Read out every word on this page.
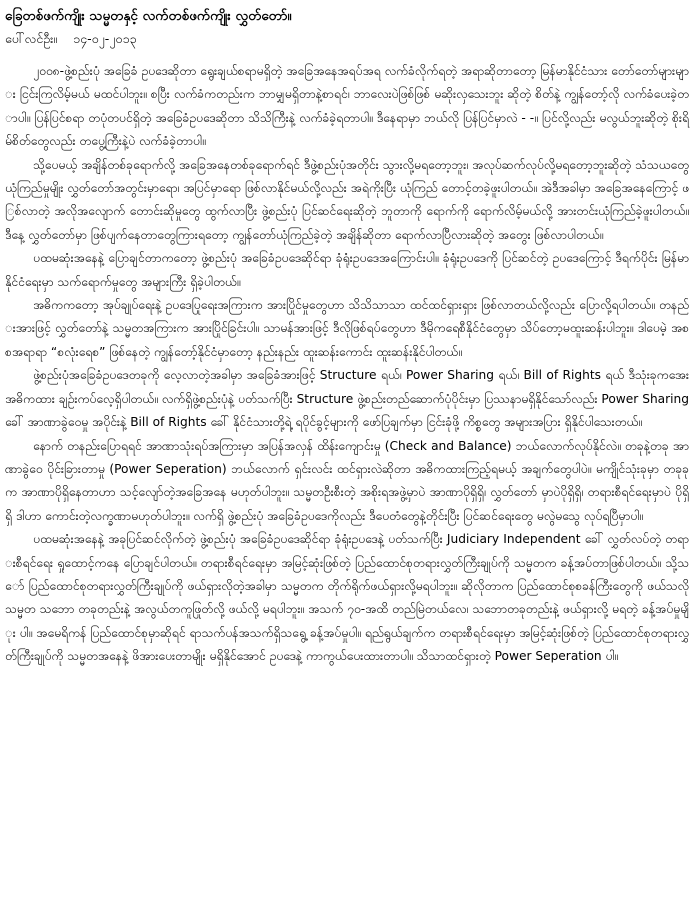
ခြေတစ်ဖက်ကျိုး သမ္မတနှင့် လက်တစ်ဖက်ကျိုး လွှတ်တော်။
ပေါ်လင်ဦး။ ၁၄-၀၂-၂၀၁၃

၂၀၀၈-ဖွဲ့စည်းပုံ အခြေခံ ဥပဒေဆိုတာ ရွေးချယ်စရာမရှိတဲ့ အခြေအနေအရပ်အရ လက်ခံလိုက်ရတဲ့ အရာဆိုတာတော့ မြန်မာနိုင်ငံသား တော်တော်များများ ငြင်းကြလိမ့်မယ် မထင်ပါဘူး။ စပြီး လက်ခံကတည်းက ဘာမျှမရှိတာနဲ့စာရင်၊ ဘာလေးပဲဖြစ်ဖြစ် မဆိုးလှသေးဘူး ဆိုတဲ့ စိတ်နဲ့ ကျွန်တော့်လို လက်ခံပေးခဲ့တာပါ။ ပြန်ပြင်စရာ တပုံတပင်ရှိတဲ့ အခြေခံဥပဒေဆိုတာ သိသိကြီးနဲ့ လက်ခံခဲ့ရတာပါ။ ဒီနေရာမှာ ဘယ်လို ပြန်ပြင်မှာလဲ - -။ ပြင်လို့လည်း မလွယ်ဘူးဆိုတဲ့ စိုးရိမ်စိတ်တွေလည်း တပွေ့ကြီးနဲ့ပဲ လက်ခံခဲ့တာပါ။

သို့ပေမယ့် အချိန်တစ်ခုရောက်လို့ အခြေအနေတစ်ခုရောက်ရင် ဒီဖွဲ့စည်းပုံအတိုင်း သွားလို့မရတော့ဘူး၊ အလုပ်ဆက်လုပ်လို့မရတော့ဘူးဆိုတဲ့ သံသယတွေ ယုံကြည်မှုမျိုး လွှတ်တော်အတွင်းမှာရော၊ အပြင်မှာရော ဖြစ်လာနိုင်မယ်လို့လည်း အရဲကိုးပြီး ယုံကြည် တောင့်တခဲ့ဖူးပါတယ်။ အဲဒီအခါမှာ အခြေအနေကြောင့် ဖြစ်လာတဲ့ အလိုအလျောက် တောင်းဆိုမှုတွေ ထွက်လာပြီး ဖွဲ့စည်းပုံ ပြင်ဆင်ရေးဆိုတဲ့ ဘူတာကို ရောက်ကို ရောက်လိမ့်မယ်လို့ အားတင်းယုံကြည်ခဲ့ဖူးပါတယ်။ ဒီနေ့ လွှတ်တော်မှာ ဖြစ်ပျက်နေတာတွေကြားရတော့ ကျွန်တော်ယုံကြည်ခဲ့တဲ့ အချိန်ဆိုတာ ရောက်လာပြီလားဆိုတဲ့ အတွေး ဖြစ်လာပါတယ်။

ပထမဆုံးအနေနဲ့ ပြောချင်တာကတော့ ဖွဲ့စည်းပုံ အခြေခံဥပဒေဆိုင်ရာ ခုံရုံးဥပဒေအကြောင်းပါ။ ခုံရုံးဥပဒေကို ပြင်ဆင်တဲ့ ဥပဒေကြောင့် ဒီရက်ပိုင်း မြန်မာနိုင်ငံရေးမှာ သက်ရောက်မှုတွေ အများကြီး ရှိခဲ့ပါတယ်။

အဓိကကတော့ အုပ်ချုပ်ရေးနဲ့ ဥပဒေပြုရေးအကြားက အားပြိုင်မှုတွေဟာ သိသိသာသာ ထင်ထင်ရှားရှား ဖြစ်လာတယ်လို့လည်း ပြောလို့ရပါတယ်။ တနည်းအားဖြင့် လွှတ်တော်နဲ့ သမ္မတအကြားက အားပြိုင်ခြင်းပါ။ သာမန်အားဖြင့် ဒီလိုဖြစ်ရပ်တွေဟာ ဒီမိုကရေစီနိုင်ငံတွေမှာ သိပ်တော့မထူးဆန်းပါဘူး။ ဒါပေမဲ့ အစစအရာရာ “စလုံးရေစ” ဖြစ်နေတဲ့ ကျွန်တော့်နိုင်ငံမှာတော့ နည်းနည်း ထူးဆန်းကောင်း ထူးဆန်းနိုင်ပါတယ်။

ဖွဲ့စည်းပုံအခြေခံဥပဒေတခုကို လေ့လာတဲ့အခါမှာ အခြေခံအားဖြင့် Structure ရယ်၊ Power Sharing ရယ်၊ Bill of Rights ရယ် ဒီသုံးခုကအေး အဓိကထား ချဉ်းကပ်လေ့ရှိပါတယ်။ လက်ရှိဖွဲ့စည်းပုံနဲ့ ပတ်သက်ပြီး Structure ဖွဲ့စည်းတည်ဆောက်ပုံပိုင်းမှာ ပြဿနာမရှိနိုင်သော်လည်း Power Sharing ခေါ် အာဏာခွဲဝေမှု အပိုင်းနဲ့ Bill of Rights ခေါ် နိုင်ငံသားတို့ရဲ့ ရပိုင်ခွင့်များကို ဖော်ပြချက်မှာ ငြင်းခုံဖို့ ကိစ္စတွေ အများအပြား ရှိနိုင်ပါသေးတယ်။

နောက် တနည်းပြောရရင် အာဏာသုံးရပ်အကြားမှာ အပြန်အလှန် ထိန်းကျောင်းမှု (Check and Balance) ဘယ်လောက်လုပ်နိုင်လဲ။ တခုနဲ့တခု အာဏာခွဲဝေ ပိုင်းခြားတာမှု (Power Seperation) ဘယ်လောက် ရှင်းလင်း ထင်ရှားလဲဆိုတာ အဓိကထားကြည့်ရမယ့် အချက်တွေပါပဲ။ မကျိုင်သုံးခုမှာ တခုခုက အာဏာပိုရှိနေတာဟာ သင့်လျော်တဲ့အခြေအနေ မဟုတ်ပါဘူး။ သမ္မတဦးစီးတဲ့ အစိုးရအဖွဲ့မှာပဲ အာဏာပိုရှိရှိ၊ လွှတ်တော် မှာပဲပိုရှိရှိ၊ တရားစီရင်ရေးမှာပဲ ပိုရှိရှိ ဒါဟာ ကောင်းတဲ့လက္ခဏာမဟုတ်ပါဘူး။ လက်ရှိ ဖွဲ့စည်းပုံ အခြေခံဥပဒေကိုလည်း ဒီပေတံတွေနဲ့တိုင်းပြီး ပြင်ဆင်ရေးတွေ မလွဲမသွေ လုပ်ရပြီမှာပါ။

ပထမဆုံးအနေနဲ့ အခုပြင်ဆင်လိုက်တဲ့ ဖွဲ့စည်းပုံ အခြေခံဥပဒေဆိုင်ရာ ခုံရုံးဥပဒေနဲ့ ပတ်သက်ပြီး Judiciary Independent ခေါ် လွှတ်လပ်တဲ့ တရားစီရင်ရေး ရှုထောင့်ကနေ ပြောချင်ပါတယ်။ တရားစီရင်ရေးမှာ အမြင့်ဆုံးဖြစ်တဲ့ ပြည်ထောင်စုတရားလွှတ်ကြီးချုပ်ကို သမ္မတက ခန့်အပ်တာဖြစ်ပါတယ်။ သို့သော် ပြည်ထောင်စုတရားလွှတ်ကြီးချုပ်ကို ဖယ်ရှားလိုတဲ့အခါမှာ သမ္မတက တိုက်ရိုက်ဖယ်ရှားလို့မရပါဘူး။ ဆိုလိုတာက ပြည်ထောင်စုစခန်ကြီးတွေကို ဖယ်သလို သမ္မတ သဘော တခုတည်းနဲ့ အလွယ်တကူဖြုတ်လို့ ဖယ်လို့ မရပါဘူး။ အသက် ၇၀-အထိ တည်မြဲတယ်လေ၊ သဘောတခုတည်းနဲ့ ဖယ်ရှားလို့ မရတဲ့ ခန့်အပ်မှုမျိုး ပါ။ အမေရိကန် ပြည်ထောင်စုမှာဆိုရင် ရာသက်ပန်အသက်ရှိသရွေ့ ခန့်အပ်မှုပါ။ ရည်ရွယ်ချက်က တရားစီရင်ရေးမှာ အမြင့်ဆုံးဖြစ်တဲ့ ပြည်ထောင်စုတရားလွှတ်ကြီးချုပ်ကို သမ္မတအနေနဲ့ ဖိအားပေးတာမျိုး မရှိနိုင်အောင် ဥပဒေနဲ့ ကာကွယ်ပေးထားတာပါ။ သိသာထင်ရှားတဲ့ Power Seperation ပါ။
